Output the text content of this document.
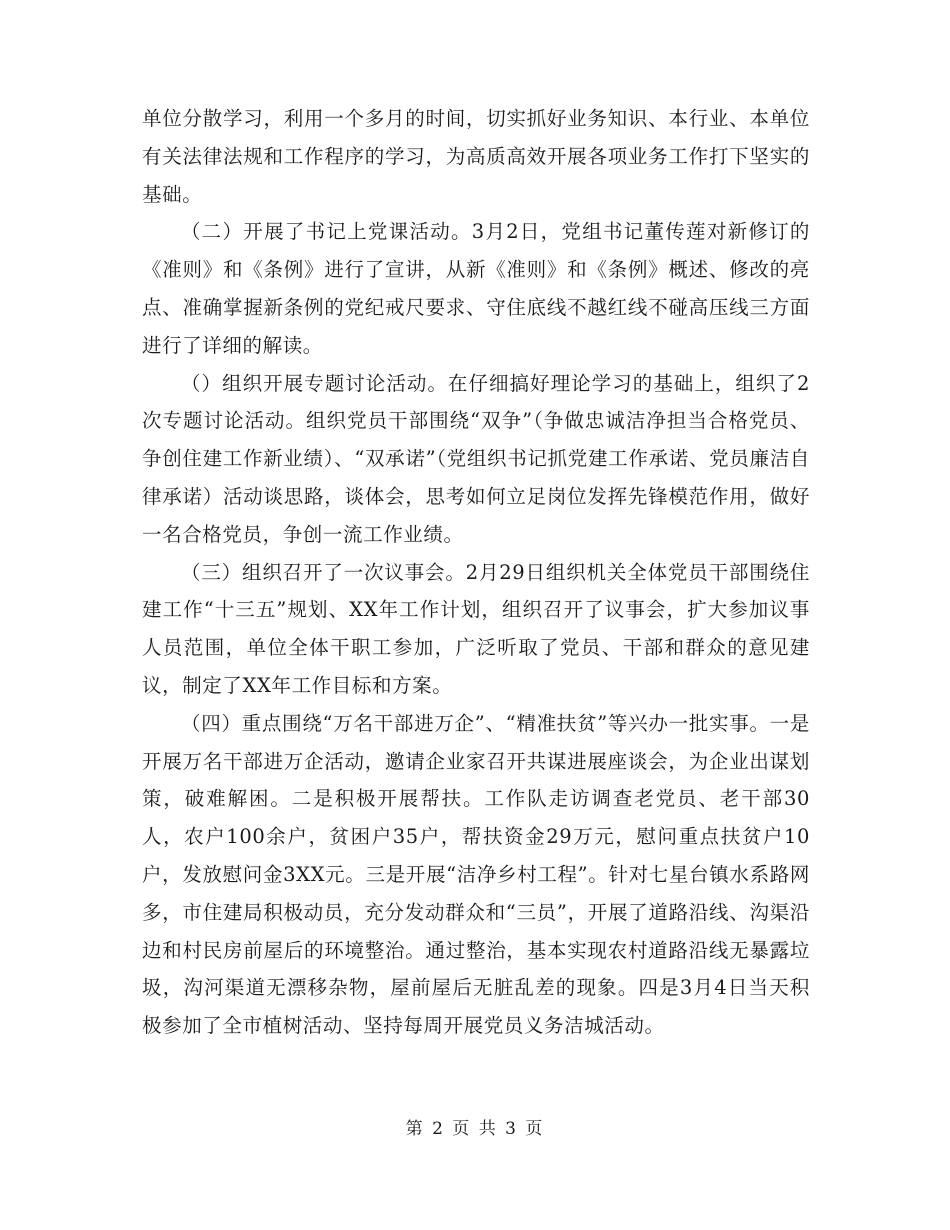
单位分散学习，利用一个多月的时间，切实抓好业务知识、本行业、本单位有关法律法规和工作程序的学习，为高质高效开展各项业务工作打下坚实的基础。

（二）开展了书记上党课活动。3月2日，党组书记董传莲对新修订的《准则》和《条例》进行了宣讲，从新《准则》和《条例》概述、修改的亮点、准确掌握新条例的党纪戒尺要求、守住底线不越红线不碰高压线三方面进行了详细的解读。

（）组织开展专题讨论活动。在仔细搞好理论学习的基础上，组织了2次专题讨论活动。组织党员干部围绕“双争”（争做忠诚洁净担当合格党员、争创住建工作新业绩）、“双承诺”（党组织书记抓党建工作承诺、党员廉洁自律承诺）活动谈思路，谈体会，思考如何立足岗位发挥先锋模范作用，做好一名合格党员，争创一流工作业绩。

（三）组织召开了一次议事会。2月29日组织机关全体党员干部围绕住建工作“十三五”规划、XX年工作计划，组织召开了议事会，扩大参加议事人员范围，单位全体干职工参加，广泛听取了党员、干部和群众的意见建议，制定了XX年工作目标和方案。

（四）重点围绕“万名干部进万企”、“精准扶贫”等兴办一批实事。一是开展万名干部进万企活动，邀请企业家召开共谋进展座谈会，为企业出谋划策，破难解困。二是积极开展帮扶。工作队走访调查老党员、老干部30人，农户100余户，贫困户35户，帮扶资金29万元，慰问重点扶贫户10户，发放慰问金3XX元。三是开展“洁净乡村工程”。针对七星台镇水系路网多，市住建局积极动员，充分发动群众和“三员”，开展了道路沿线、沟渠沿边和村民房前屋后的环境整治。通过整治，基本实现农村道路沿线无暴露垃圾，沟河渠道无漂移杂物，屋前屋后无脏乱差的现象。四是3月4日当天积极参加了全市植树活动、坚持每周开展党员义务洁城活动。

第 2 页 共 3 页
